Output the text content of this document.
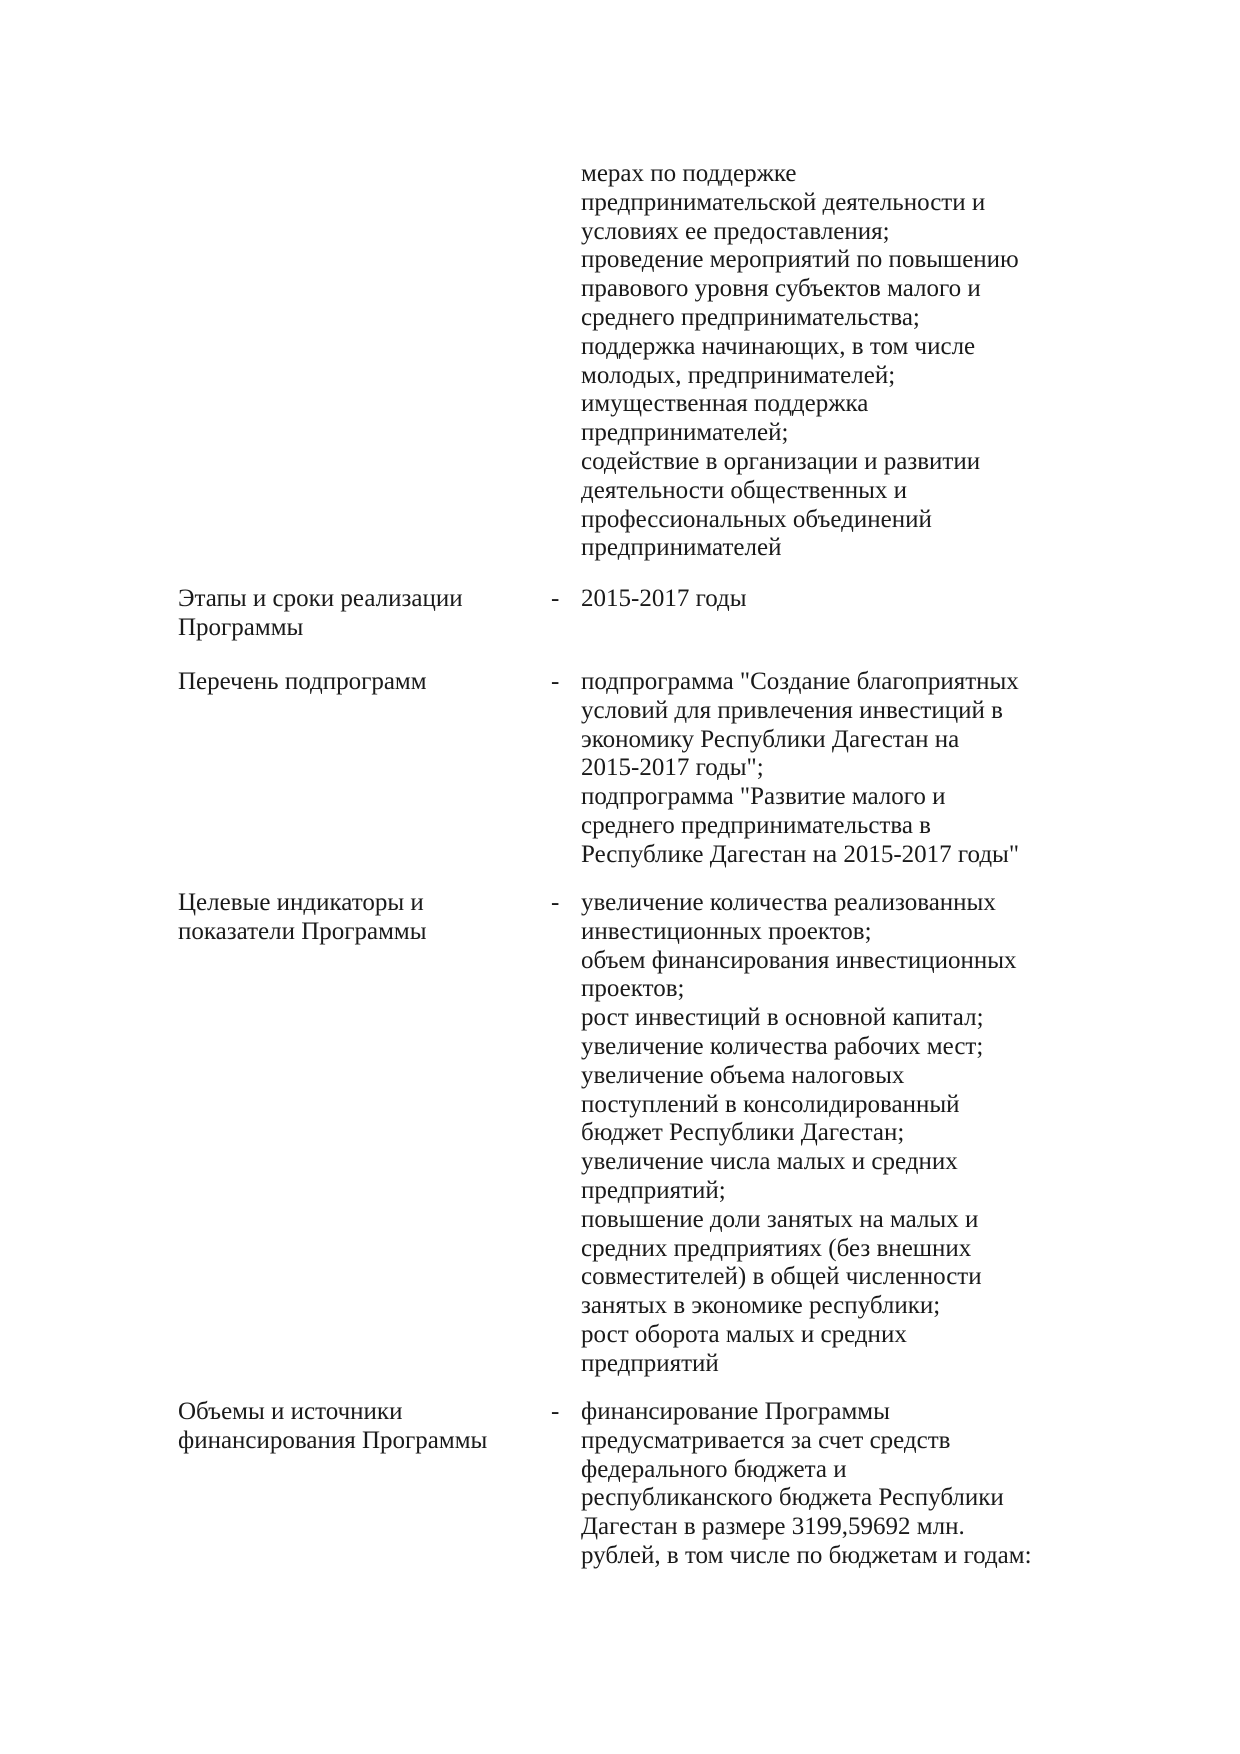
мерах по поддержке
предпринимательской деятельности и
условиях ее предоставления;
проведение мероприятий по повышению
правового уровня субъектов малого и
среднего предпринимательства;
поддержка начинающих, в том числе
молодых, предпринимателей;
имущественная поддержка
предпринимателей;
содействие в организации и развитии
деятельности общественных и
профессиональных объединений
предпринимателей
Этапы и сроки реализации
Программы
- 2015-2017 годы
Перечень подпрограмм	- подпрограмма "Создание благоприятных
условий для привлечения инвестиций в
экономику Республики Дагестан на
2015-2017 годы";
подпрограмма "Развитие малого и
среднего предпринимательства в
Республике Дагестан на 2015-2017 годы"
Целевые индикаторы и
показатели Программы
- увеличение количества реализованных
инвестиционных проектов;
объем финансирования инвестиционных
проектов;
рост инвестиций в основной капитал;
увеличение количества рабочих мест;
увеличение объема налоговых
поступлений в консолидированный
бюджет Республики Дагестан;
увеличение числа малых и средних
предприятий;
повышение доли занятых на малых и
средних предприятиях (без внешних
совместителей) в общей численности
занятых в экономике республики;
рост оборота малых и средних
предприятий
Объемы и источники
финансирования Программы
- финансирование Программы
предусматривается за счет средств
федерального бюджета и
республиканского бюджета Республики
Дагестан в размере 3199,59692 млн.
рублей, в том числе по бюджетам и годам:
